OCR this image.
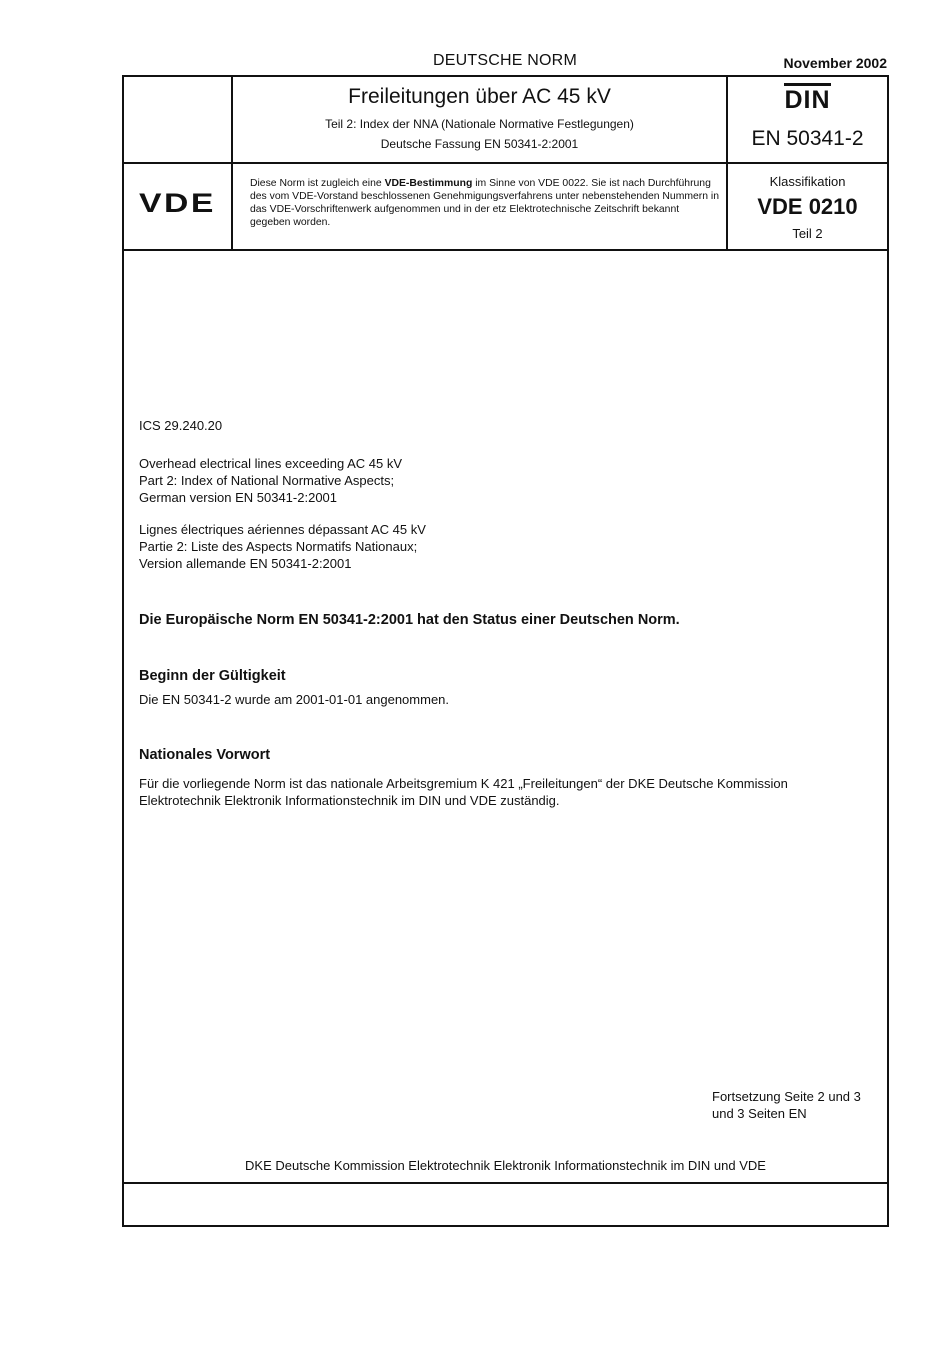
DEUTSCHE NORM	November 2002
Freileitungen über AC 45 kV
Teil 2: Index der NNA (Nationale Normative Festlegungen)
Deutsche Fassung EN 50341-2:2001
DIN
EN 50341-2
VDE
Diese Norm ist zugleich eine VDE-Bestimmung im Sinne von VDE 0022. Sie ist nach Durchführung des vom VDE-Vorstand beschlossenen Genehmigungsverfahrens unter nebenstehenden Nummern in das VDE-Vorschriftenwerk aufgenommen und in der etz Elektrotechnische Zeitschrift bekannt gegeben worden.
Klassifikation
VDE 0210
Teil 2
ICS 29.240.20
Overhead electrical lines exceeding AC 45 kV
Part 2: Index of National Normative Aspects;
German version EN 50341-2:2001
Lignes électriques aériennes dépassant AC 45 kV
Partie 2: Liste des Aspects Normatifs Nationaux;
Version allemande EN 50341-2:2001
Die Europäische Norm EN 50341-2:2001 hat den Status einer Deutschen Norm.
Beginn der Gültigkeit
Die EN 50341-2 wurde am 2001-01-01 angenommen.
Nationales Vorwort
Für die vorliegende Norm ist das nationale Arbeitsgremium K 421 „Freileitungen“ der DKE Deutsche Kommission
Elektrotechnik Elektronik Informationstechnik im DIN und VDE zuständig.
Fortsetzung Seite 2 und 3
und 3 Seiten EN
DKE Deutsche Kommission Elektrotechnik Elektronik Informationstechnik im DIN und VDE
